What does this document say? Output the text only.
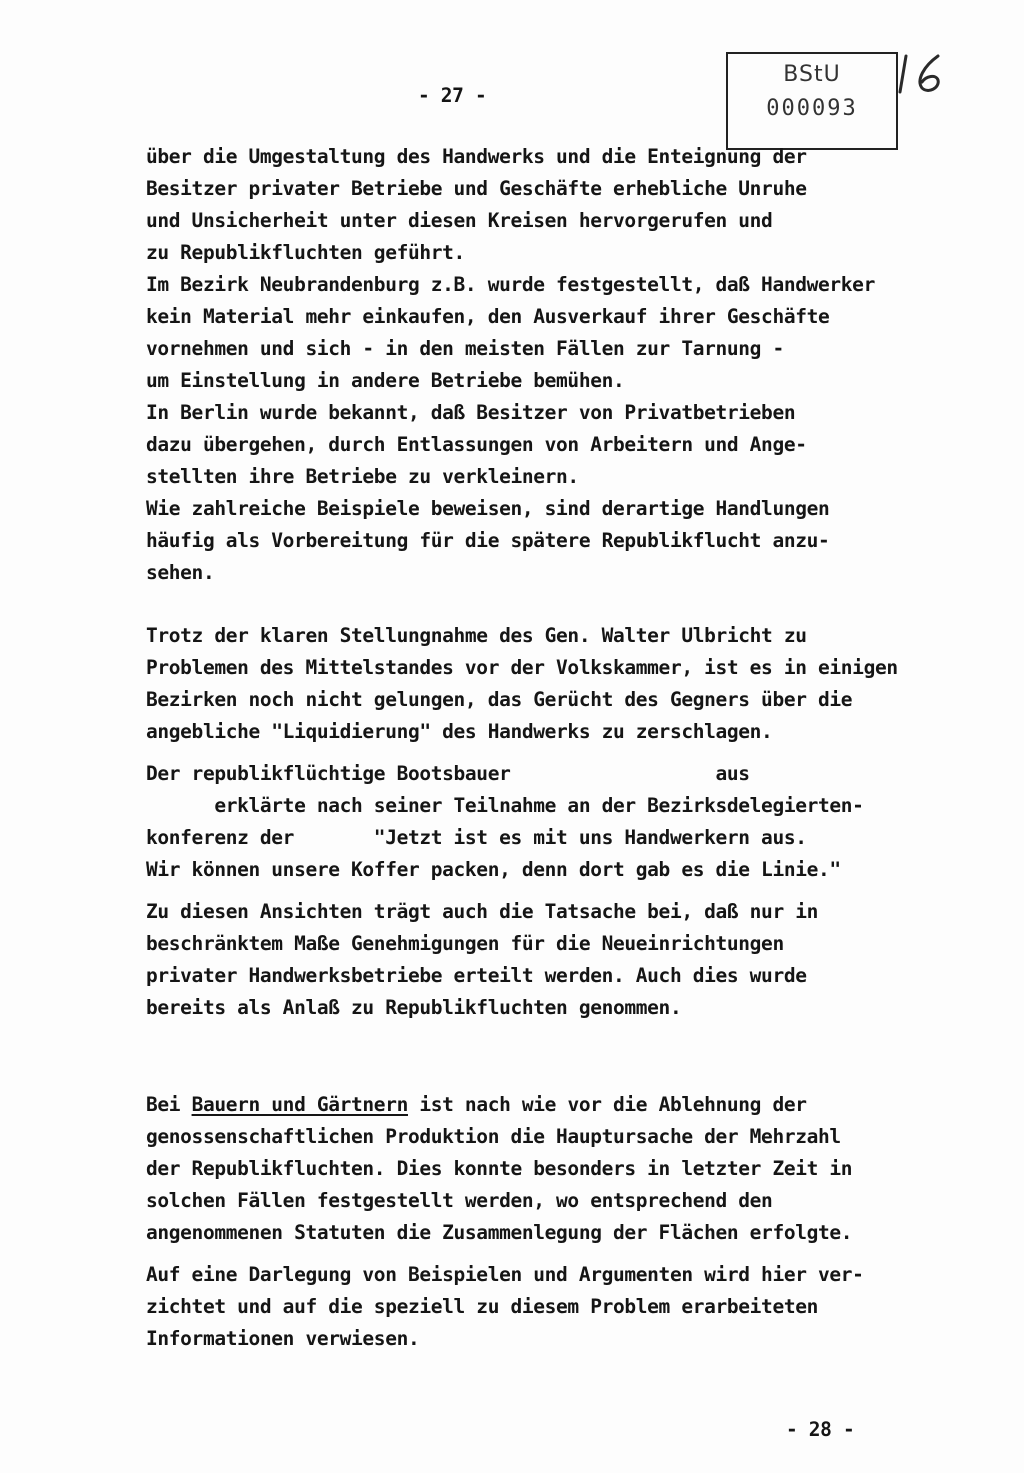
- 27 -
BStU
000093
über die Umgestaltung des Handwerks und die Enteignung der
Besitzer privater Betriebe und Geschäfte erhebliche Unruhe
und Unsicherheit unter diesen Kreisen hervorgerufen und
zu Republikfluchten geführt.
Im Bezirk Neubrandenburg z.B. wurde festgestellt, daß Handwerker
kein Material mehr einkaufen, den Ausverkauf ihrer Geschäfte
vornehmen und sich - in den meisten Fällen zur Tarnung -
um Einstellung in andere Betriebe bemühen.
In Berlin wurde bekannt, daß Besitzer von Privatbetrieben
dazu übergehen, durch Entlassungen von Arbeitern und Ange-
stellten ihre Betriebe zu verkleinern.
Wie zahlreiche Beispiele beweisen, sind derartige Handlungen
häufig als Vorbereitung für die spätere Republikflucht anzu-
sehen.
Trotz der klaren Stellungnahme des Gen. Walter Ulbricht zu
Problemen des Mittelstandes vor der Volkskammer, ist es in einigen
Bezirken noch nicht gelungen, das Gerücht des Gegners über die
angebliche "Liquidierung" des Handwerks zu zerschlagen.
Der republikflüchtige Bootsbauer                  aus
erklärte nach seiner Teilnahme an der Bezirksdelegierten-
konferenz der       "Jetzt ist es mit uns Handwerkern aus.
Wir können unsere Koffer packen, denn dort gab es die Linie."
Zu diesen Ansichten trägt auch die Tatsache bei, daß nur in
beschränktem Maße Genehmigungen für die Neueinrichtungen
privater Handwerksbetriebe erteilt werden. Auch dies wurde
bereits als Anlaß zu Republikfluchten genommen.
Bei Bauern und Gärtnern ist nach wie vor die Ablehnung der
genossenschaftlichen Produktion die Hauptursache der Mehrzahl
der Republikfluchten. Dies konnte besonders in letzter Zeit in
solchen Fällen festgestellt werden, wo entsprechend den
angenommenen Statuten die Zusammenlegung der Flächen erfolgte.
Auf eine Darlegung von Beispielen und Argumenten wird hier ver-
zichtet und auf die speziell zu diesem Problem erarbeiteten
Informationen verwiesen.
- 28 -
